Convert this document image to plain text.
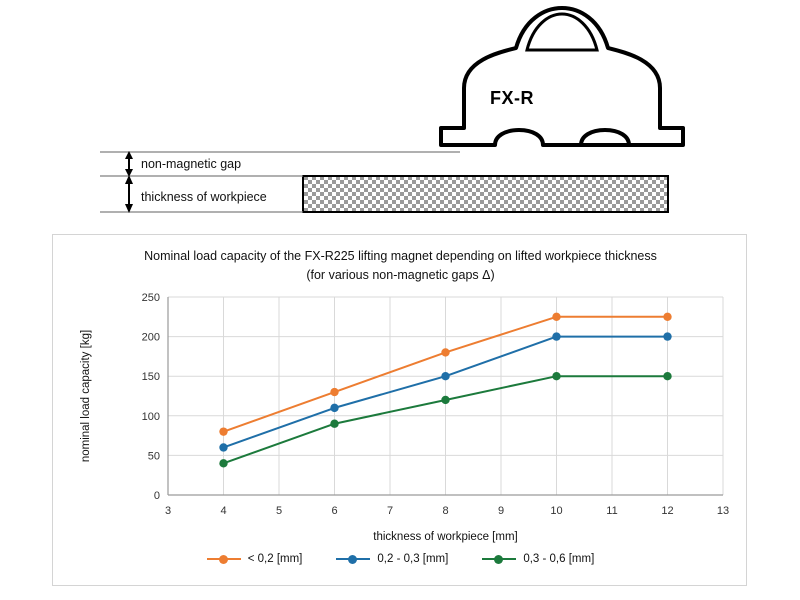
FX-R
non-magnetic gap
thickness of workpiece
Nominal load capacity of the FX-R225 lifting magnet depending on lifted workpiece thickness
(for various non-magnetic gaps Δ)
0
50
100
150
200
250
3	4	5	6	7	8	9	10	11	12	13
thickness of workpiece [mm]
nominal load capacity [kg]
< 0,2 [mm]	0,2 - 0,3 [mm]	0,3 - 0,6 [mm]
